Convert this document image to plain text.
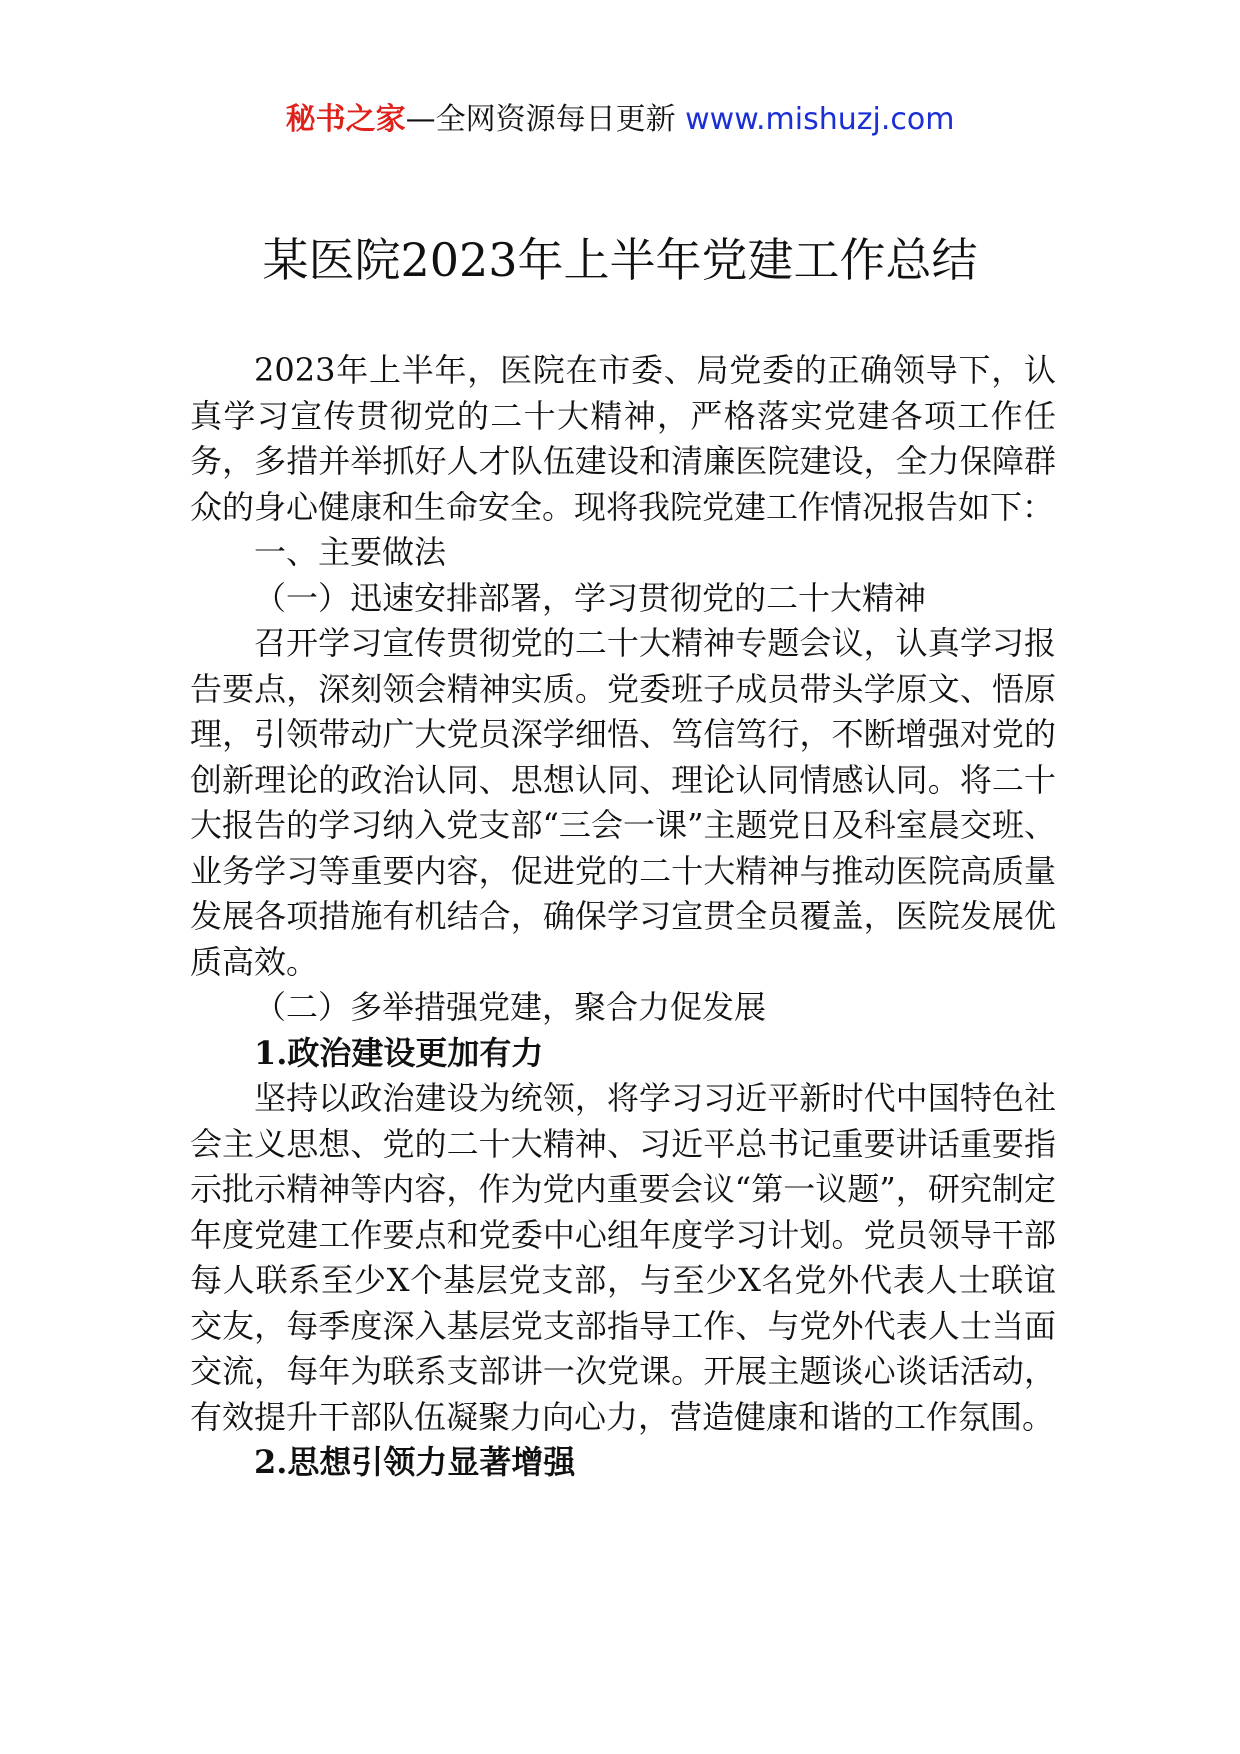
秘书之家—全网资源每日更新 www.mishuzj.com
某医院2023年上半年党建工作总结

2023年上半年，医院在市委、局党委的正确领导下，认真学习宣传贯彻党的二十大精神，严格落实党建各项工作任务，多措并举抓好人才队伍建设和清廉医院建设，全力保障群众的身心健康和生命安全。现将我院党建工作情况报告如下：

一、主要做法

（一）迅速安排部署，学习贯彻党的二十大精神

召开学习宣传贯彻党的二十大精神专题会议，认真学习报告要点，深刻领会精神实质。党委班子成员带头学原文、悟原理，引领带动广大党员深学细悟、笃信笃行，不断增强对党的创新理论的政治认同、思想认同、理论认同情感认同。将二十大报告的学习纳入党支部“三会一课”主题党日及科室晨交班、业务学习等重要内容，促进党的二十大精神与推动医院高质量发展各项措施有机结合，确保学习宣贯全员覆盖，医院发展优质高效。

（二）多举措强党建，聚合力促发展

1.政治建设更加有力

坚持以政治建设为统领，将学习习近平新时代中国特色社会主义思想、党的二十大精神、习近平总书记重要讲话重要指示批示精神等内容，作为党内重要会议“第一议题”，研究制定年度党建工作要点和党委中心组年度学习计划。党员领导干部每人联系至少X个基层党支部，与至少X名党外代表人士联谊交友，每季度深入基层党支部指导工作、与党外代表人士当面交流，每年为联系支部讲一次党课。开展主题谈心谈话活动，有效提升干部队伍凝聚力向心力，营造健康和谐的工作氛围。

2.思想引领力显著增强
